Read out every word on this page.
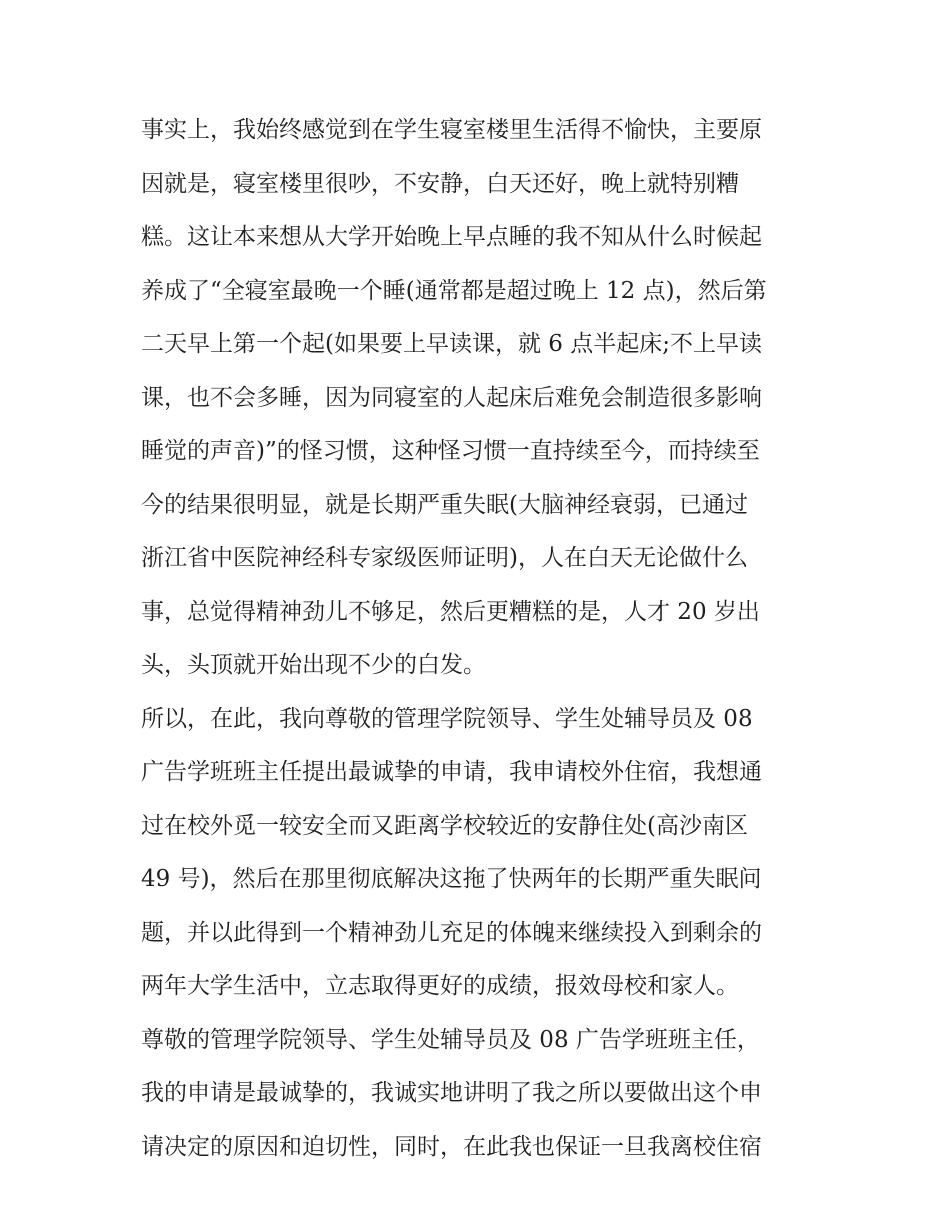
事实上，我始终感觉到在学生寝室楼里生活得不愉快，主要原
因就是，寝室楼里很吵，不安静，白天还好，晚上就特别糟
糕。这让本来想从大学开始晚上早点睡的我不知从什么时候起
养成了“全寝室最晚一个睡(通常都是超过晚上 12 点)，然后第
二天早上第一个起(如果要上早读课，就 6 点半起床;不上早读
课，也不会多睡，因为同寝室的人起床后难免会制造很多影响
睡觉的声音)”的怪习惯，这种怪习惯一直持续至今，而持续至
今的结果很明显，就是长期严重失眠(大脑神经衰弱，已通过
浙江省中医院神经科专家级医师证明)，人在白天无论做什么
事，总觉得精神劲儿不够足，然后更糟糕的是，人才 20 岁出
头，头顶就开始出现不少的白发。
所以，在此，我向尊敬的管理学院领导、学生处辅导员及 08
广告学班班主任提出最诚挚的申请，我申请校外住宿，我想通
过在校外觅一较安全而又距离学校较近的安静住处(高沙南区
49 号)，然后在那里彻底解决这拖了快两年的长期严重失眠问
题，并以此得到一个精神劲儿充足的体魄来继续投入到剩余的
两年大学生活中，立志取得更好的成绩，报效母校和家人。
尊敬的管理学院领导、学生处辅导员及 08 广告学班班主任，
我的申请是最诚挚的，我诚实地讲明了我之所以要做出这个申
请决定的原因和迫切性，同时，在此我也保证一旦我离校住宿
